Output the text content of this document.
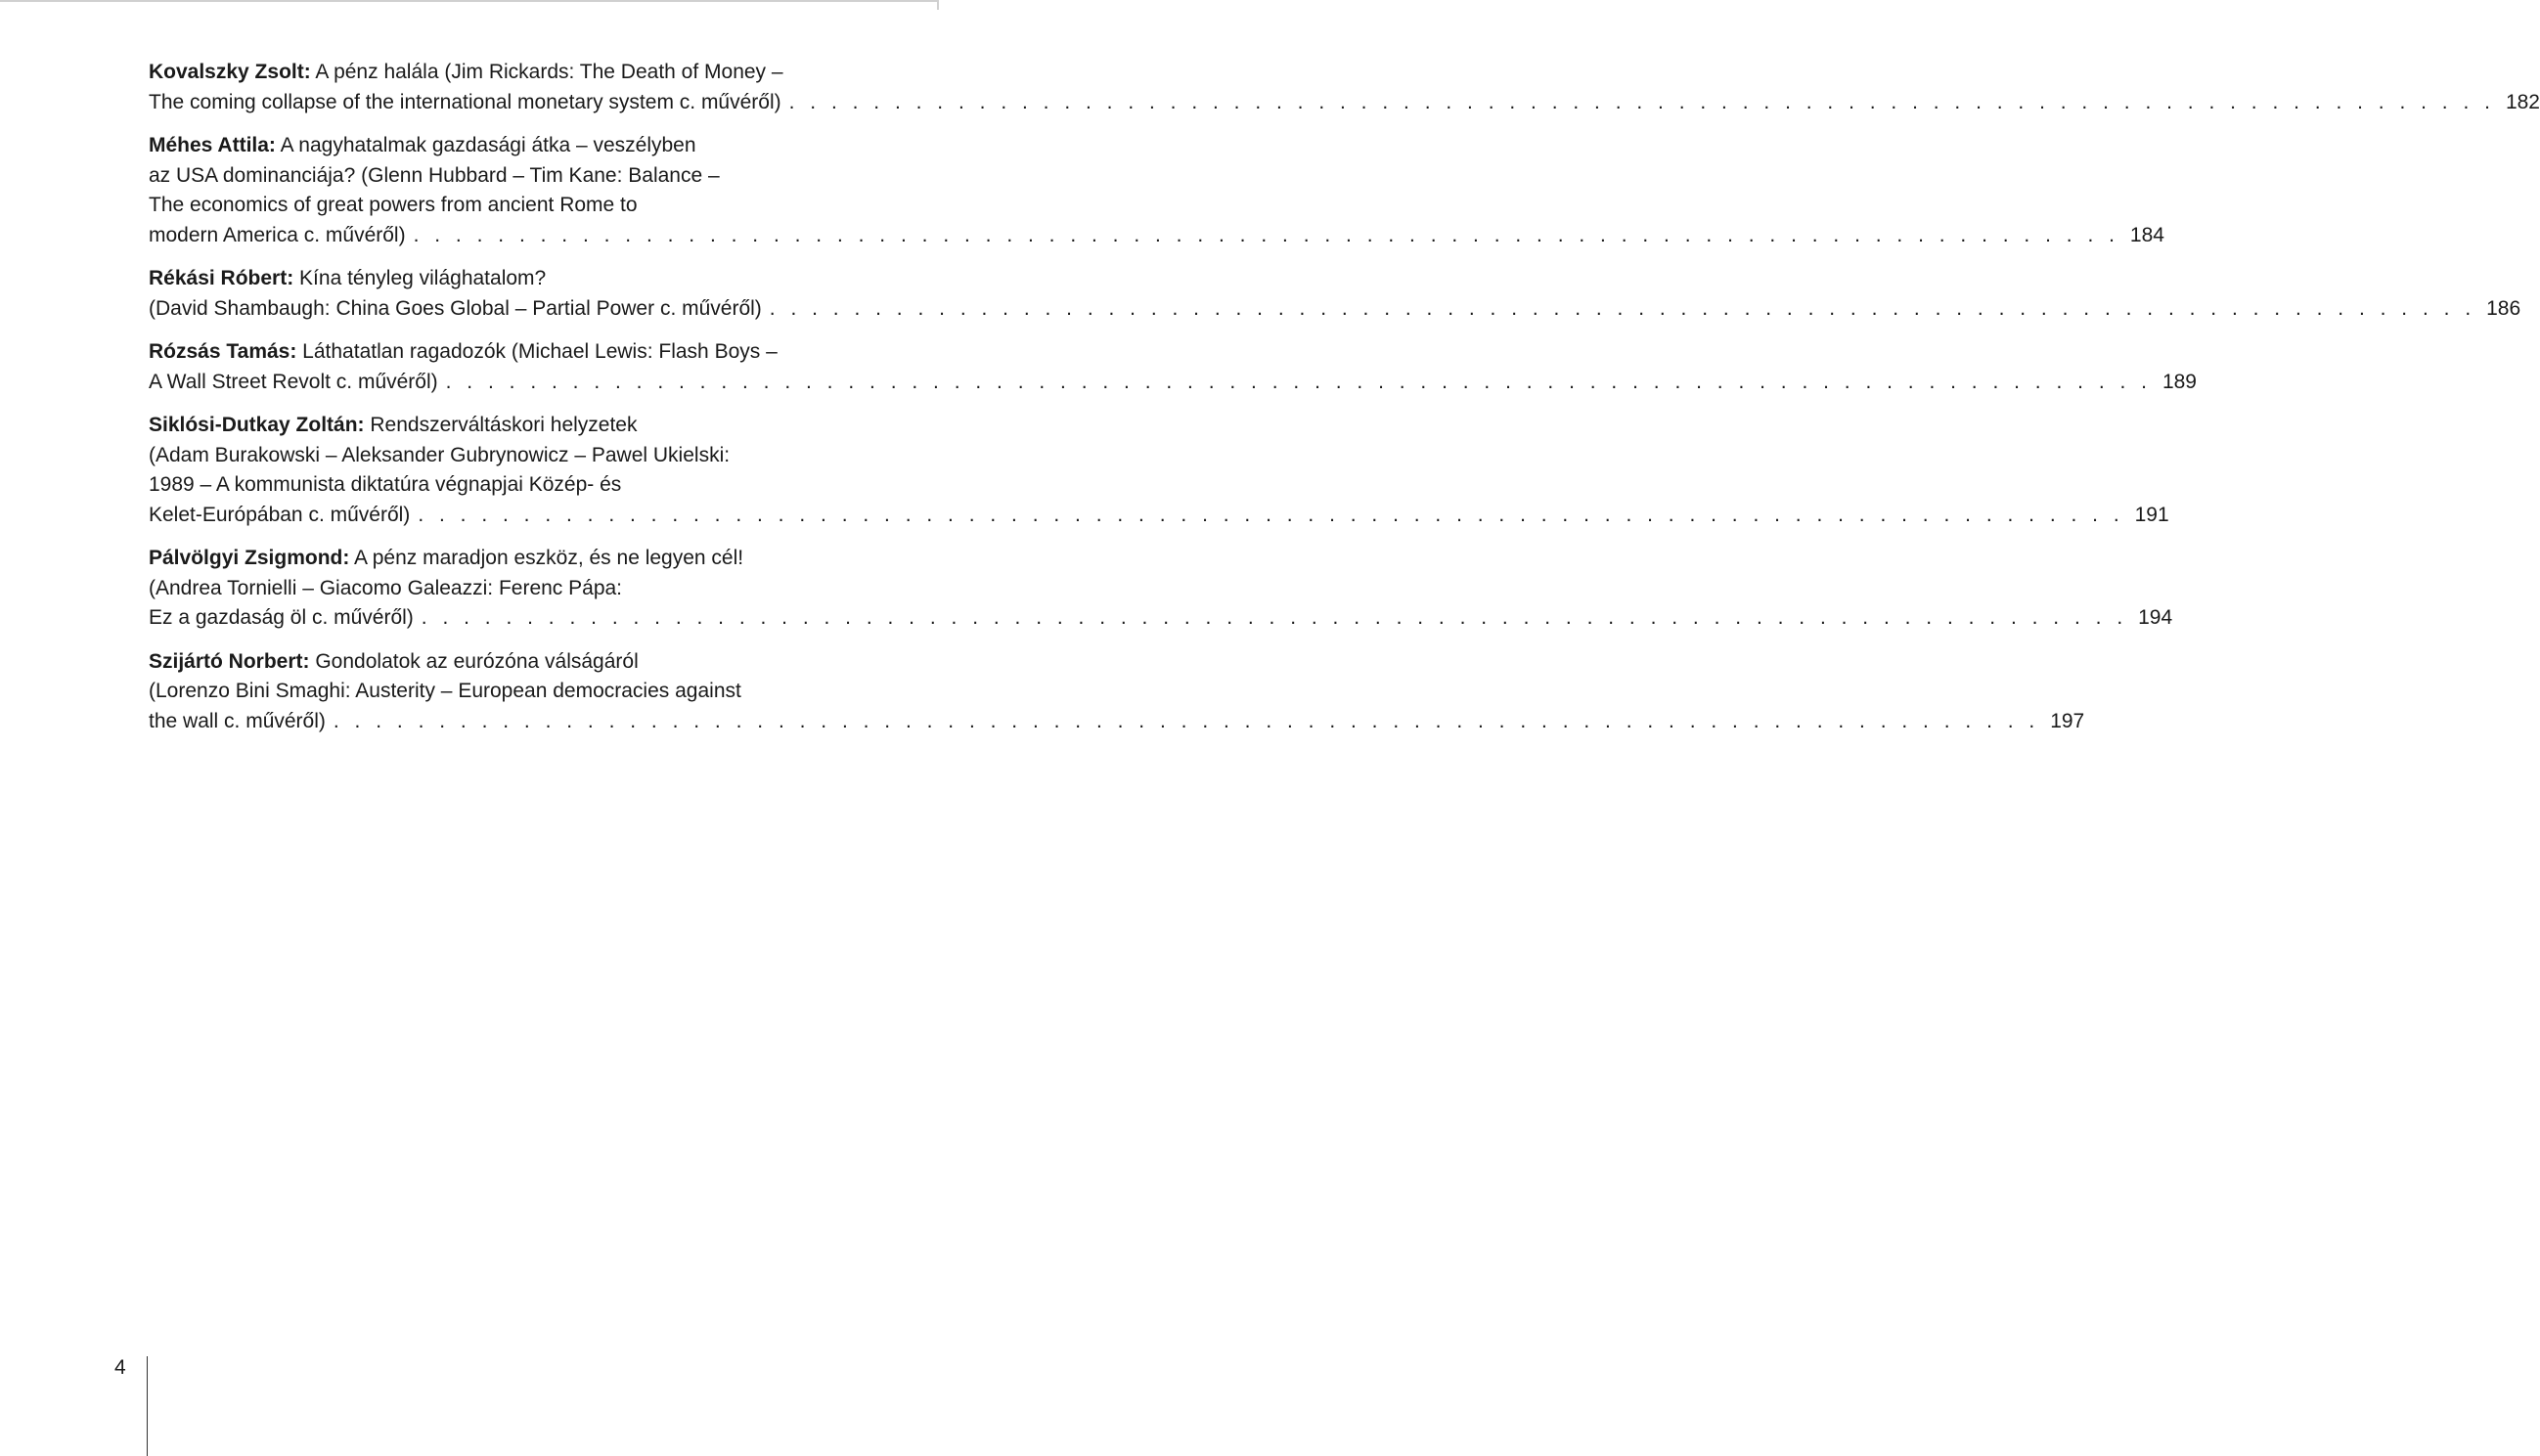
Kovalszky Zsolt: A pénz halála (Jim Rickards: The Death of Money –
The coming collapse of the international monetary system c. művéről) . . . . . . . . . . . . . . . . . . . . . . . . . . . . . . . . . . . . . . . . . . . . . . . . . . . . . . . . . . . . . . . . . . . . . . . . . . . . . . . . . 182
Méhes Attila: A nagyhatalmak gazdasági átka – veszélyben
az USA dominanciája? (Glenn Hubbard – Tim Kane: Balance –
The economics of great powers from ancient Rome to
modern America c. művéről) . . . . . . . . . . . . . . . . . . . . . . . . . . . . . . . . . . . . . . . . . . . . . . . . . . . . . . . . . . . . . . . . . . . . . . . . . . . . . . . . . 184
Rékási Róbert: Kína tényleg világhatalom?
(David Shambaugh: China Goes Global – Partial Power c. művéről) . . . . . . . . . . . . . . . . . . . . . . . . . . . . . . . . . . . . . . . . . . . . . . . . . . . . . . . . . . . . . . . . . . . . . . . . . . . . . . . . . 186
Rózsás Tamás: Láthatatlan ragadozók (Michael Lewis: Flash Boys –
A Wall Street Revolt c. művéről) . . . . . . . . . . . . . . . . . . . . . . . . . . . . . . . . . . . . . . . . . . . . . . . . . . . . . . . . . . . . . . . . . . . . . . . . . . . . . . . . . 189
Siklósi-Dutkay Zoltán: Rendszerváltáskori helyzetek
(Adam Burakowski – Aleksander Gubrynowicz – Pawel Ukielski:
1989 – A kommunista diktatúra végnapjai Közép- és
Kelet-Európában c. művéről) . . . . . . . . . . . . . . . . . . . . . . . . . . . . . . . . . . . . . . . . . . . . . . . . . . . . . . . . . . . . . . . . . . . . . . . . . . . . . . . . . 191
Pálvölgyi Zsigmond: A pénz maradjon eszköz, és ne legyen cél!
(Andrea Tornielli – Giacomo Galeazzi: Ferenc Pápa:
Ez a gazdaság öl c. művéről) . . . . . . . . . . . . . . . . . . . . . . . . . . . . . . . . . . . . . . . . . . . . . . . . . . . . . . . . . . . . . . . . . . . . . . . . . . . . . . . . . 194
Szijártó Norbert: Gondolatok az eurózóna válságáról
(Lorenzo Bini Smaghi: Austerity – European democracies against
the wall c. művéről) . . . . . . . . . . . . . . . . . . . . . . . . . . . . . . . . . . . . . . . . . . . . . . . . . . . . . . . . . . . . . . . . . . . . . . . . . . . . . . . . . 197
4
